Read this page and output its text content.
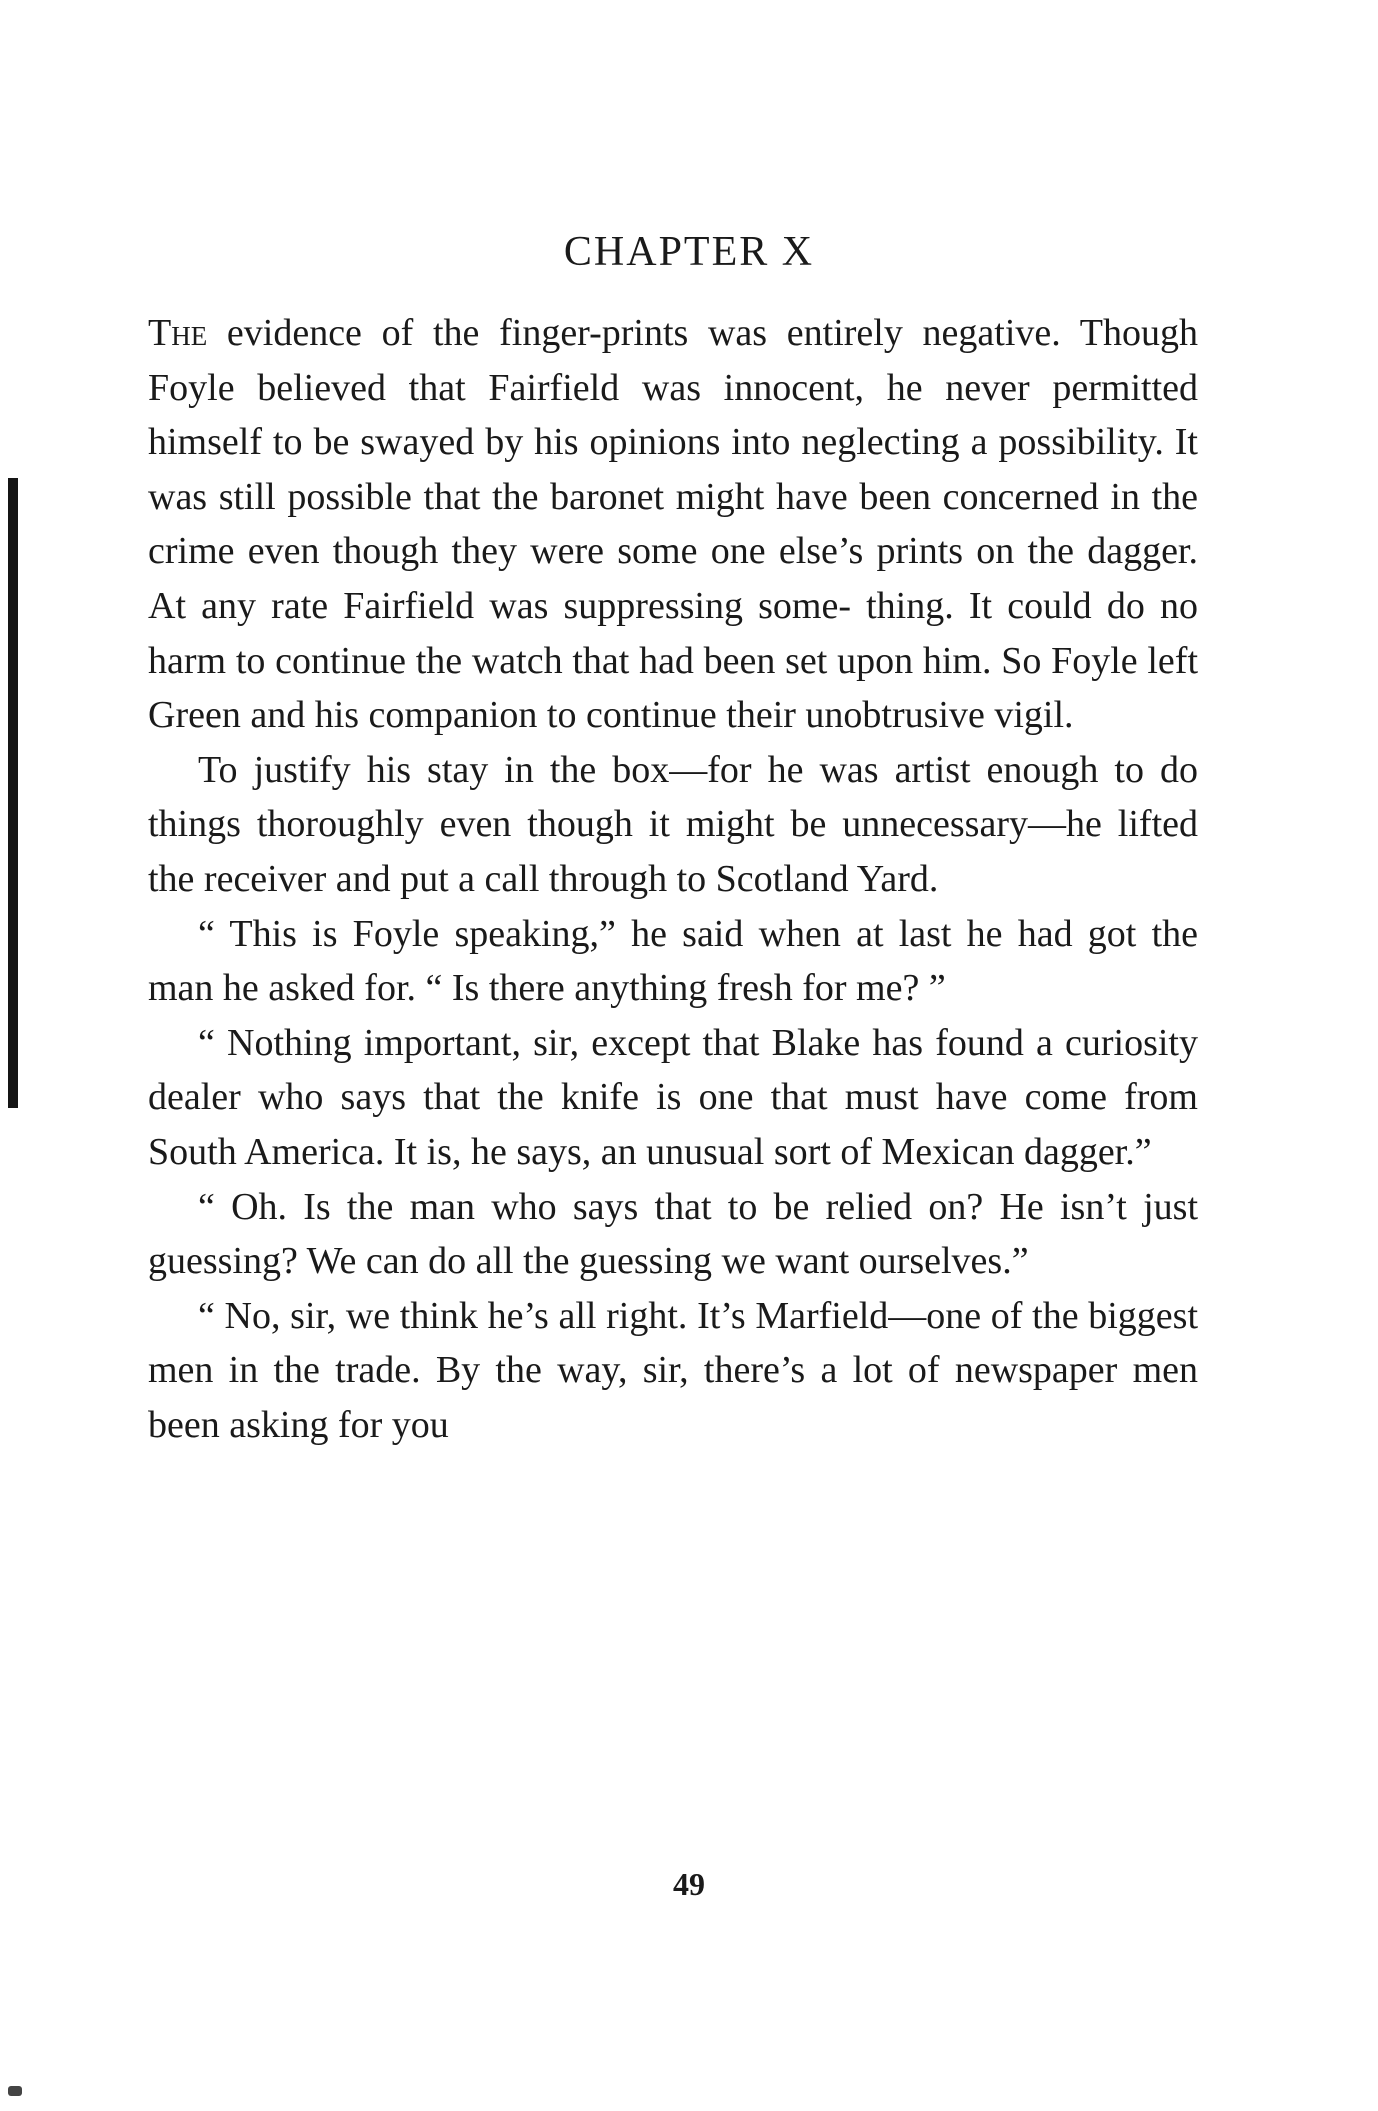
CHAPTER X

The evidence of the finger-prints was entirely negative. Though Foyle believed that Fairfield was innocent, he never permitted himself to be swayed by his opinions into neglecting a possibility. It was still possible that the baronet might have been concerned in the crime even though they were some one else’s prints on the dagger. At any rate Fairfield was suppressing some- thing. It could do no harm to continue the watch that had been set upon him. So Foyle left Green and his companion to continue their unobtrusive vigil.

To justify his stay in the box—for he was artist enough to do things thoroughly even though it might be unnecessary—he lifted the receiver and put a call through to Scotland Yard.

“ This is Foyle speaking,” he said when at last he had got the man he asked for. “ Is there anything fresh for me? ”

“ Nothing important, sir, except that Blake has found a curiosity dealer who says that the knife is one that must have come from South America. It is, he says, an unusual sort of Mexican dagger.”

“ Oh. Is the man who says that to be relied on? He isn’t just guessing? We can do all the guessing we want ourselves.”

“ No, sir, we think he’s all right. It’s Marfield—one of the biggest men in the trade. By the way, sir, there’s a lot of newspaper men been asking for you

49
